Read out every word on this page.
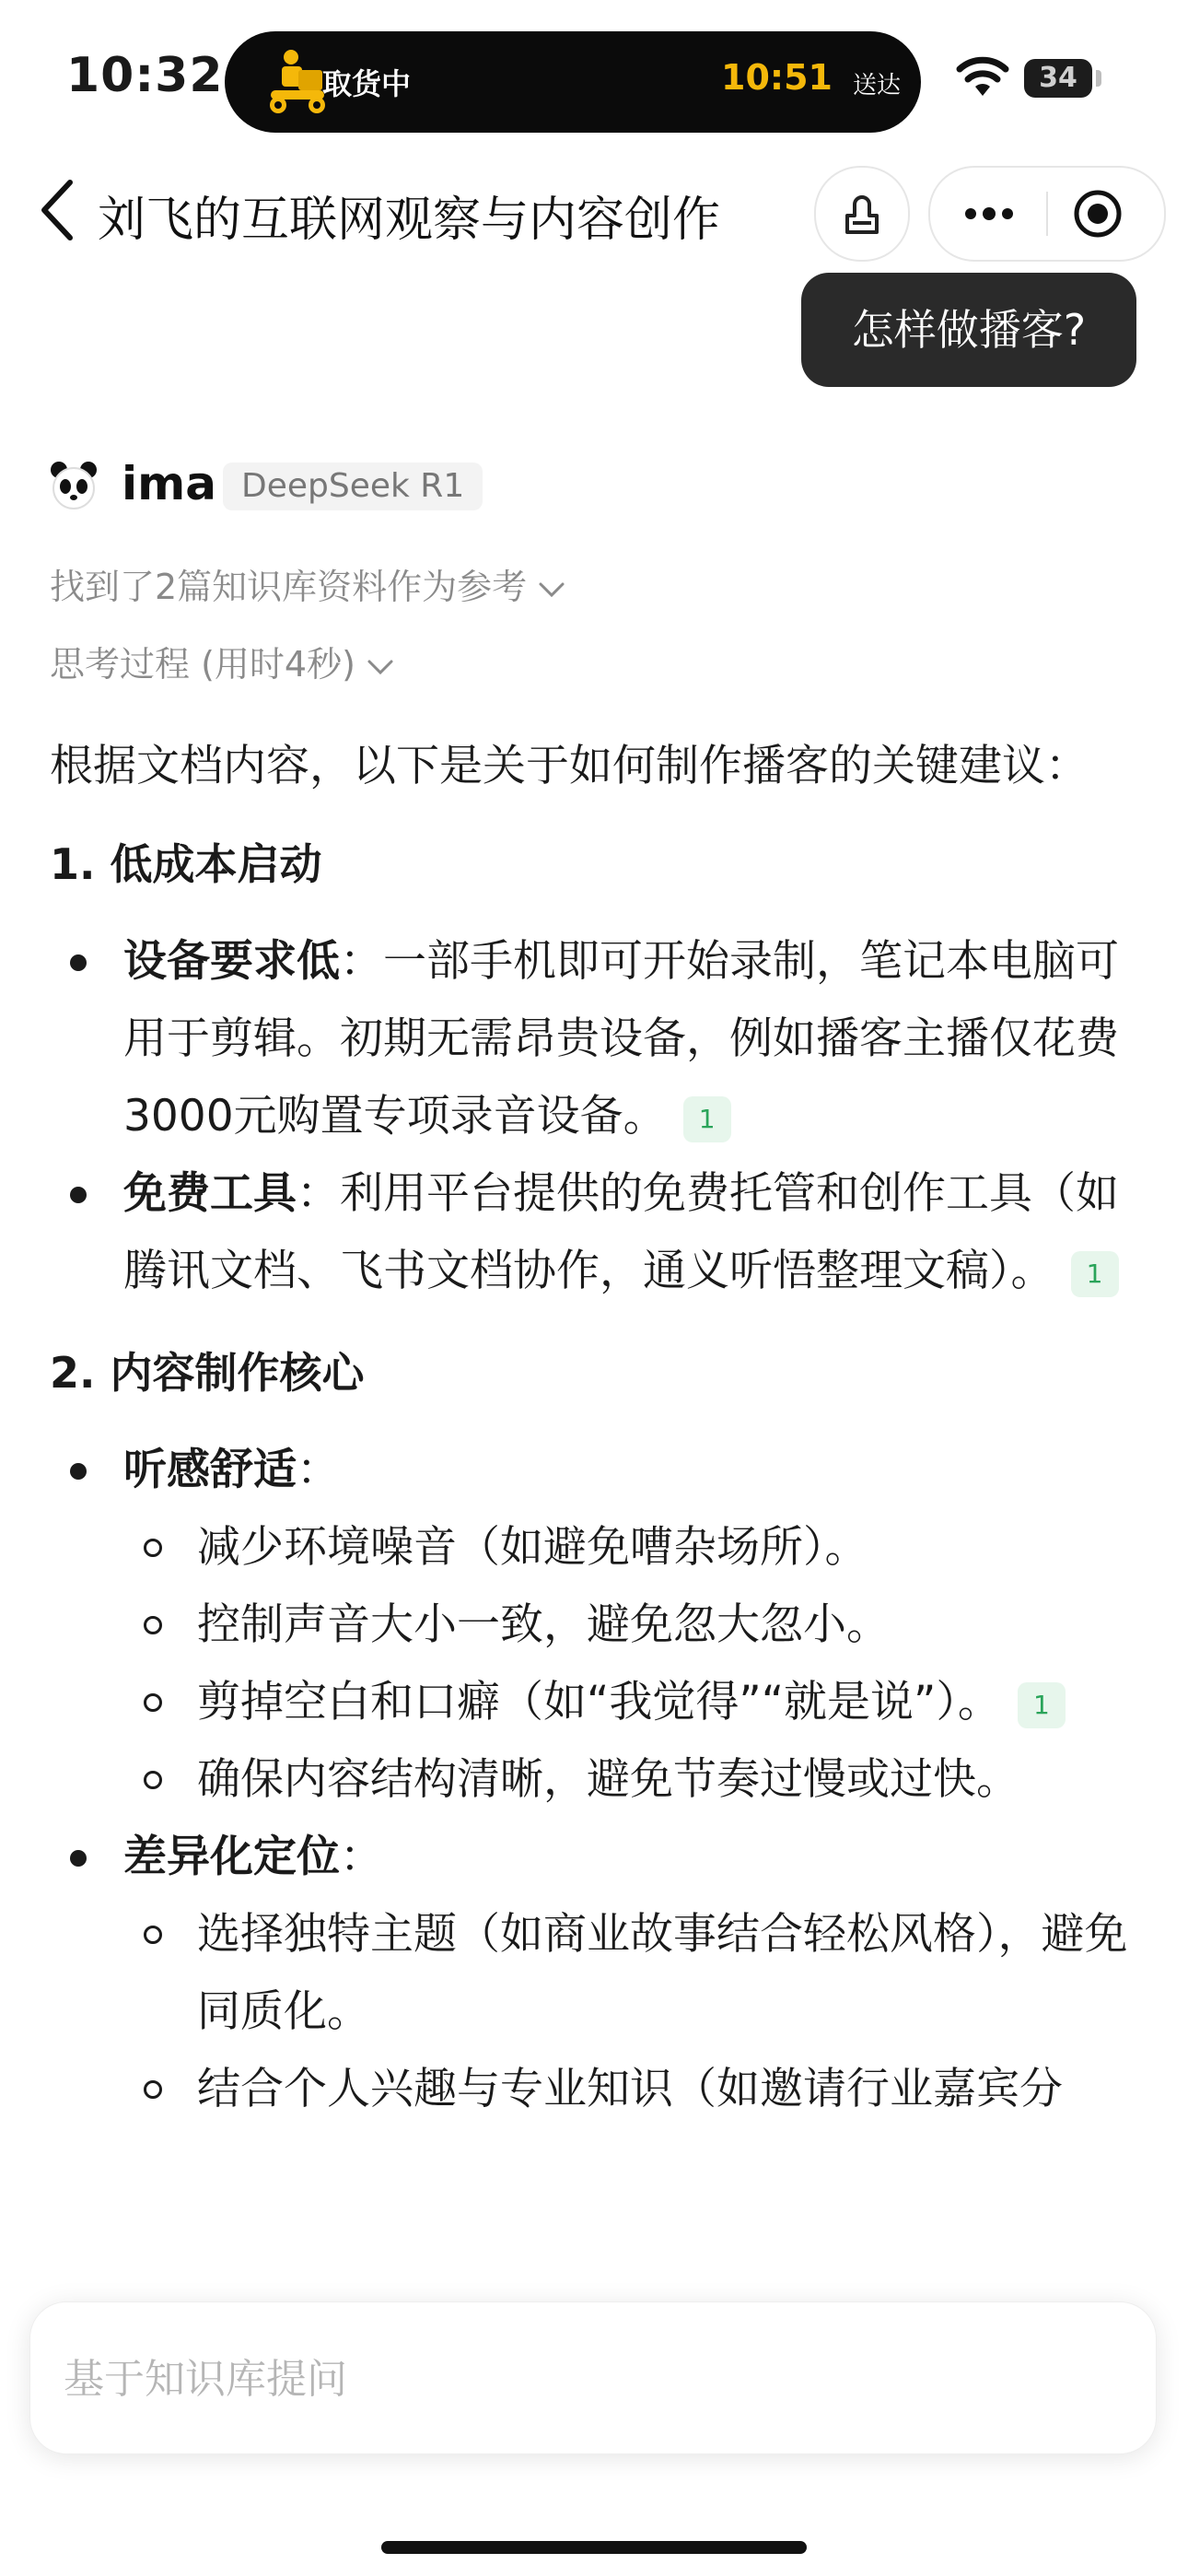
10:32	取货中	10:51 送达	34
刘飞的互联网观察与内容创作
怎样做播客?
ima DeepSeek R1
找到了2篇知识库资料作为参考
思考过程 (用时4秒)

根据文档内容，以下是关于如何制作播客的关键建议：

1. 低成本启动

设备要求低：一部手机即可开始录制，笔记本电脑可用于剪辑。初期无需昂贵设备，例如播客主播仅花费3000元购置专项录音设备。 1
免费工具：利用平台提供的免费托管和创作工具（如腾讯文档、飞书文档协作，通义听悟整理文稿）。 1

2. 内容制作核心

听感舒适：
减少环境噪音（如避免嘈杂场所）。
控制声音大小一致，避免忽大忽小。
剪掉空白和口癖（如“我觉得”“就是说”）。 1
确保内容结构清晰，避免节奏过慢或过快。
差异化定位：
选择独特主题（如商业故事结合轻松风格），避免同质化。
结合个人兴趣与专业知识（如邀请行业嘉宾分
基于知识库提问
